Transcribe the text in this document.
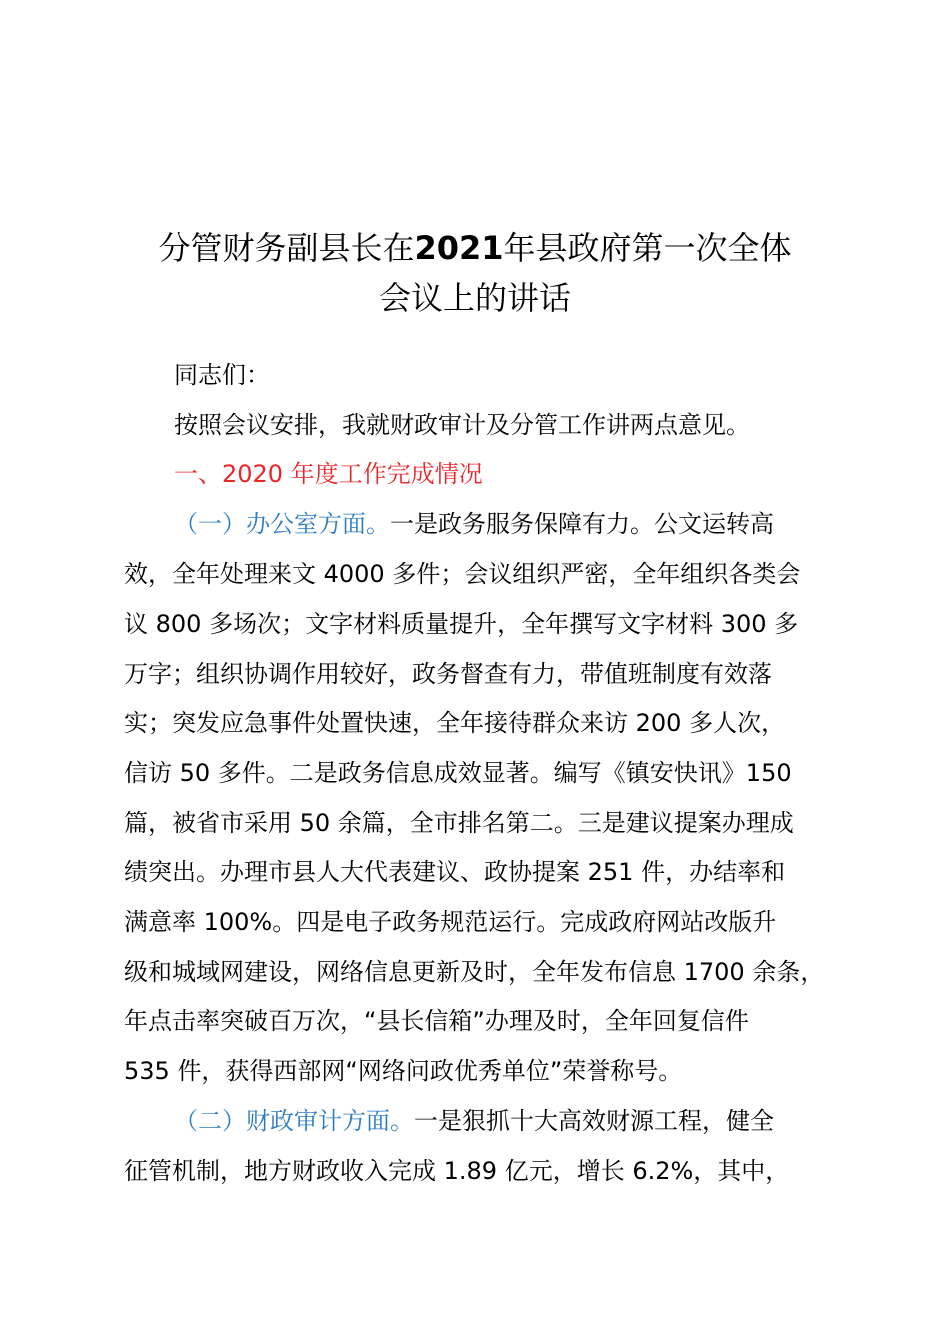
分管财务副县长在2021年县政府第一次全体
会议上的讲话

同志们：

按照会议安排，我就财政审计及分管工作讲两点意见。

一、2020 年度工作完成情况

（一）办公室方面。一是政务服务保障有力。公文运转高

效，全年处理来文 4000 多件；会议组织严密，全年组织各类会

议 800 多场次；文字材料质量提升，全年撰写文字材料 300 多

万字；组织协调作用较好，政务督查有力，带值班制度有效落

实；突发应急事件处置快速，全年接待群众来访 200 多人次，

信访 50 多件。二是政务信息成效显著。编写《镇安快讯》150

篇，被省市采用 50 余篇，全市排名第二。三是建议提案办理成

绩突出。办理市县人大代表建议、政协提案 251 件，办结率和

满意率 100%。四是电子政务规范运行。完成政府网站改版升

级和城域网建设，网络信息更新及时，全年发布信息 1700 余条，

年点击率突破百万次，“县长信箱”办理及时，全年回复信件

535 件，获得西部网“网络问政优秀单位”荣誉称号。

（二）财政审计方面。一是狠抓十大高效财源工程，健全

征管机制，地方财政收入完成 1.89 亿元，增长 6.2%，其中，
